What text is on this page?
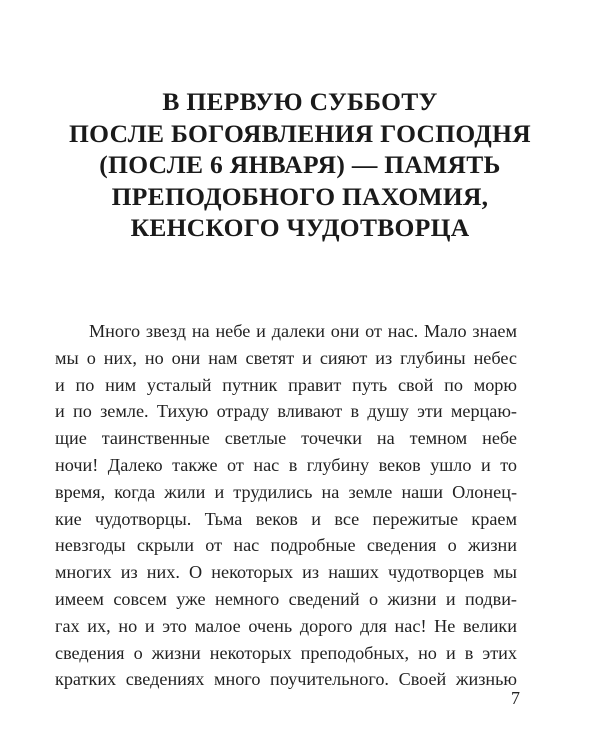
В ПЕРВУЮ СУББОТУ
ПОСЛЕ БОГОЯВЛЕНИЯ ГОСПОДНЯ
(ПОСЛЕ 6 ЯНВАРЯ) — ПАМЯТЬ
ПРЕПОДОБНОГО ПАХОМИЯ,
КЕНСКОГО ЧУДОТВОРЦА
Много звезд на небе и далеки они от нас. Мало знаем
мы о них, но они нам светят и сияют из глубины небес
и по ним усталый путник правит путь свой по морю
и по земле. Тихую отраду вливают в душу эти мерцаю-
щие таинственные светлые точечки на темном небе
ночи! Далеко также от нас в глубину веков ушло и то
время, когда жили и трудились на земле наши Олонец-
кие чудотворцы. Тьма веков и все пережитые краем
невзгоды скрыли от нас подробные сведения о жизни
многих из них. О некоторых из наших чудотворцев мы
имеем совсем уже немного сведений о жизни и подви-
гах их, но и это малое очень дорого для нас! Не велики
сведения о жизни некоторых преподобных, но и в этих
кратких сведениях много поучительного. Своей жизнью
7
